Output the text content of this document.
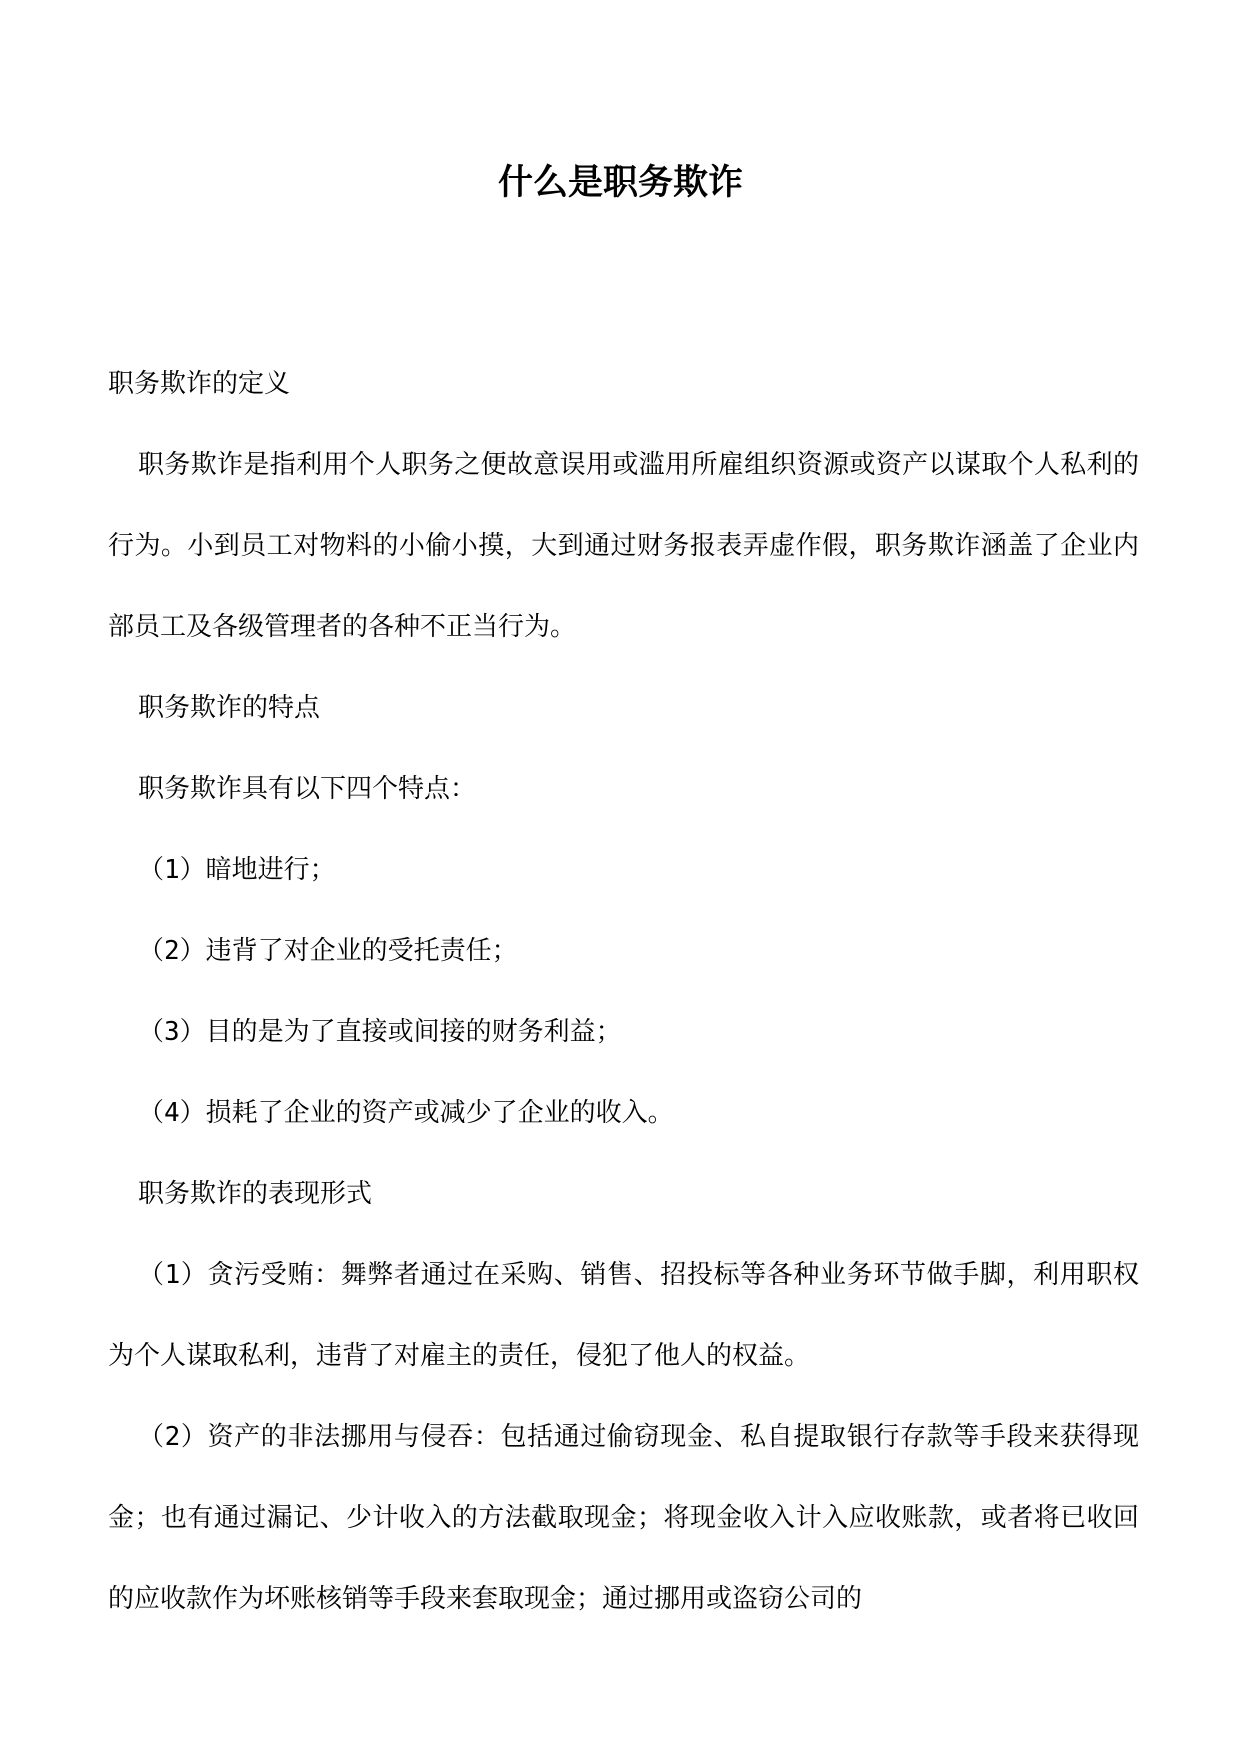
什么是职务欺诈

职务欺诈的定义

职务欺诈是指利用个人职务之便故意误用或滥用所雇组织资源或资产以谋取个人私利的行为。小到员工对物料的小偷小摸，大到通过财务报表弄虚作假，职务欺诈涵盖了企业内部员工及各级管理者的各种不正当行为。

职务欺诈的特点

职务欺诈具有以下四个特点：

（1）暗地进行；

（2）违背了对企业的受托责任；

（3）目的是为了直接或间接的财务利益；

（4）损耗了企业的资产或减少了企业的收入。

职务欺诈的表现形式

（1）贪污受贿：舞弊者通过在采购、销售、招投标等各种业务环节做手脚，利用职权为个人谋取私利，违背了对雇主的责任，侵犯了他人的权益。

（2）资产的非法挪用与侵吞：包括通过偷窃现金、私自提取银行存款等手段来获得现金；也有通过漏记、少计收入的方法截取现金；将现金收入计入应收账款，或者将已收回的应收款作为坏账核销等手段来套取现金；通过挪用或盗窃公司的
